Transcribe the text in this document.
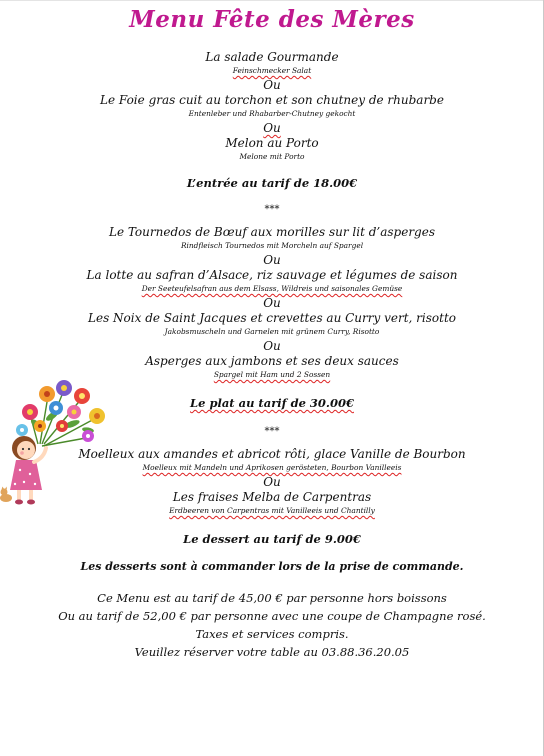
Menu Fête des Mères
La salade Gourmande
Feinschmecker Salat
Ou
Le Foie gras cuit au torchon et son chutney de rhubarbe
Entenleber und Rhabarber-Chutney gekocht
Ou
Melon au Porto
Melone mit Porto
L’entrée au tarif de 18.00€
***
Le Tournedos de Bœuf aux morilles sur lit d’asperges
Rindfleisch Tournedos mit Morcheln auf Spargel
Ou
La lotte au safran d’Alsace, riz sauvage et légumes de saison
Der Seeteufelsafran aus dem Elsass, Wildreis und saisonales Gemüse
Ou
Les Noix de Saint Jacques et crevettes au Curry vert, risotto
Jakobsmuscheln und Garnelen mit grünem Curry, Risotto
Ou
Asperges aux jambons et ses deux sauces
Spargel mit Ham und 2 Sossen
Le plat au tarif de 30.00€
***
Moelleux aux amandes et abricot rôti, glace Vanille de Bourbon
Moelleux mit Mandeln und Aprikosen gerösteten, Bourbon Vanilleeis
Ou
Les fraises Melba de Carpentras
Erdbeeren von Carpentras mit Vanilleeis und Chantilly
Le dessert au tarif de 9.00€
Les desserts sont à commander lors de la prise de commande.
Ce Menu est au tarif de 45,00 € par personne hors boissons
Ou au tarif de 52,00 € par personne avec une coupe de Champagne rosé.
Taxes et services compris.
Veuillez réserver votre table au 03.88.36.20.05
